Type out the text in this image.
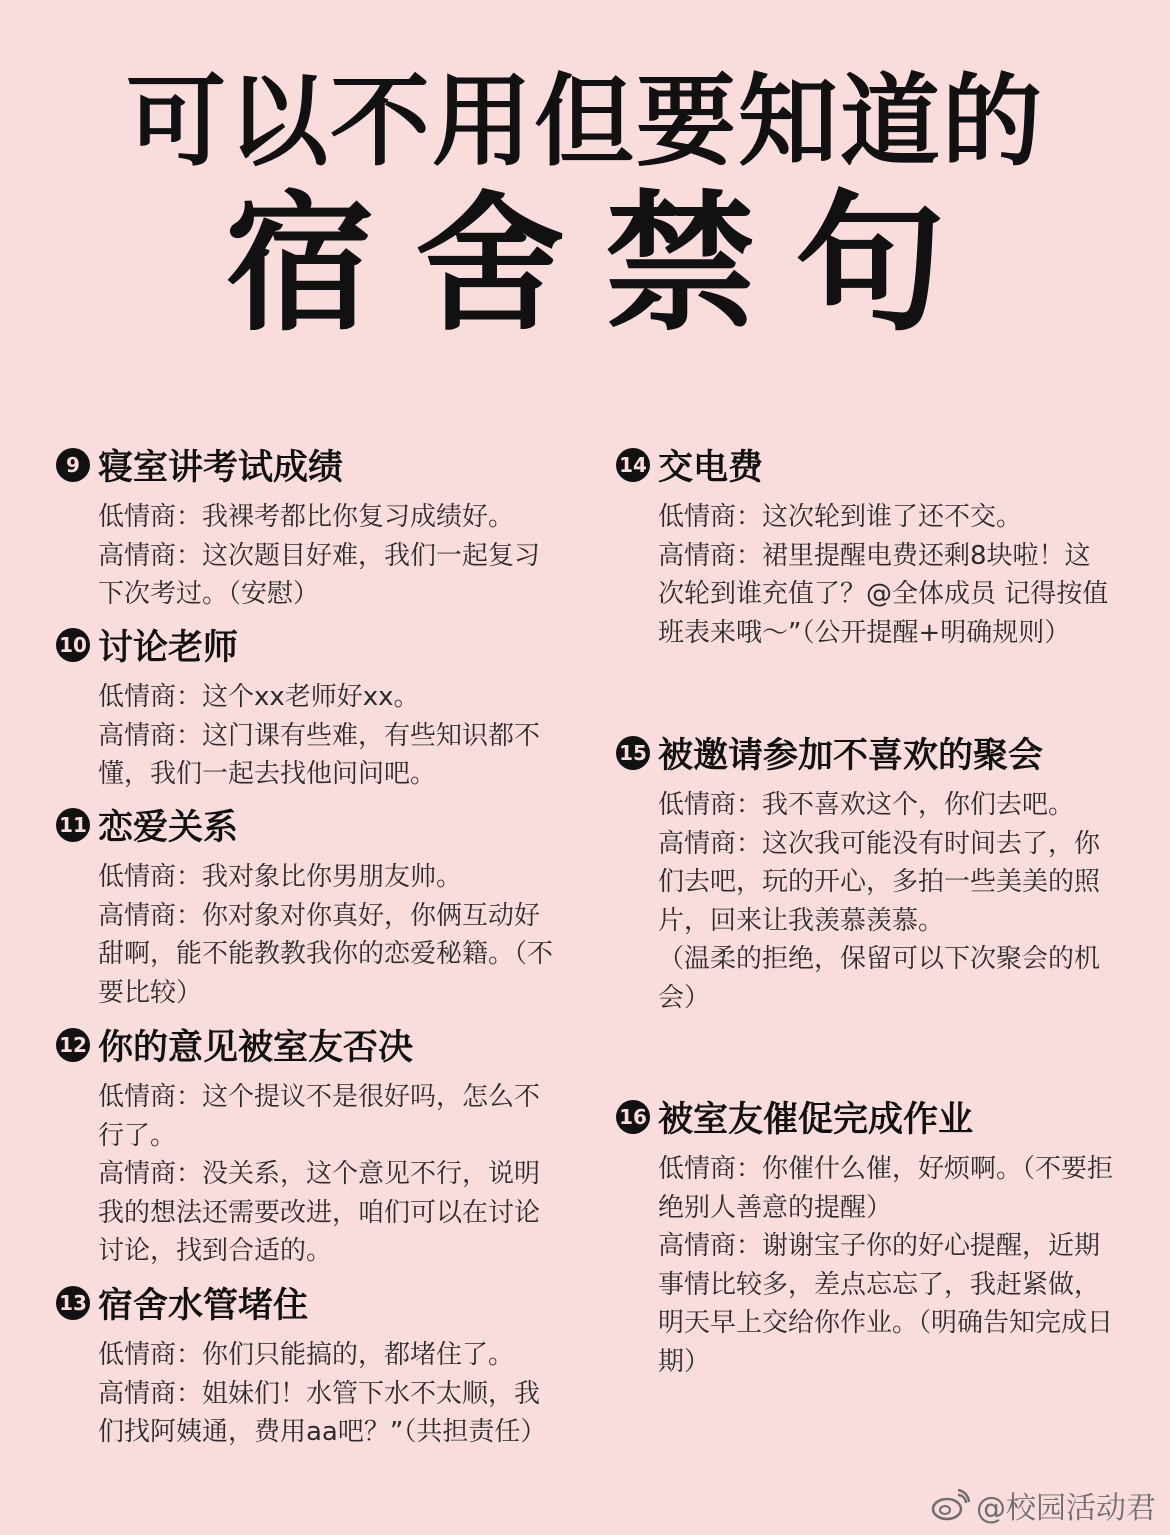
可以不用但要知道的
宿舍禁句
9 寝室讲考试成绩

低情商：我裸考都比你复习成绩好。

高情商：这次题目好难，我们一起复习下次考过。（安慰）

10 讨论老师

低情商：这个xx老师好xx。

高情商：这门课有些难，有些知识都不懂，我们一起去找他问问吧。

11 恋爱关系

低情商：我对象比你男朋友帅。

高情商：你对象对你真好，你俩互动好甜啊，能不能教教我你的恋爱秘籍。（不要比较）

12 你的意见被室友否决

低情商：这个提议不是很好吗，怎么不行了。

高情商：没关系，这个意见不行，说明我的想法还需要改进，咱们可以在讨论讨论，找到合适的。

13 宿舍水管堵住

低情商：你们只能搞的，都堵住了。

高情商：姐妹们！水管下水不太顺，我们找阿姨通，费用aa吧？”（共担责任）

14 交电费

低情商：这次轮到谁了还不交。

高情商：裙里提醒电费还剩8块啦！这次轮到谁充值了？@全体成员 记得按值班表来哦～”（公开提醒+明确规则）

15 被邀请参加不喜欢的聚会

低情商：我不喜欢这个，你们去吧。

高情商：这次我可能没有时间去了，你们去吧，玩的开心，多拍一些美美的照片，回来让我羡慕羡慕。

（温柔的拒绝，保留可以下次聚会的机会）

16 被室友催促完成作业

低情商：你催什么催，好烦啊。（不要拒绝别人善意的提醒）

高情商：谢谢宝子你的好心提醒，近期事情比较多，差点忘忘了，我赶紧做，明天早上交给你作业。（明确告知完成日期）

@校园活动君
